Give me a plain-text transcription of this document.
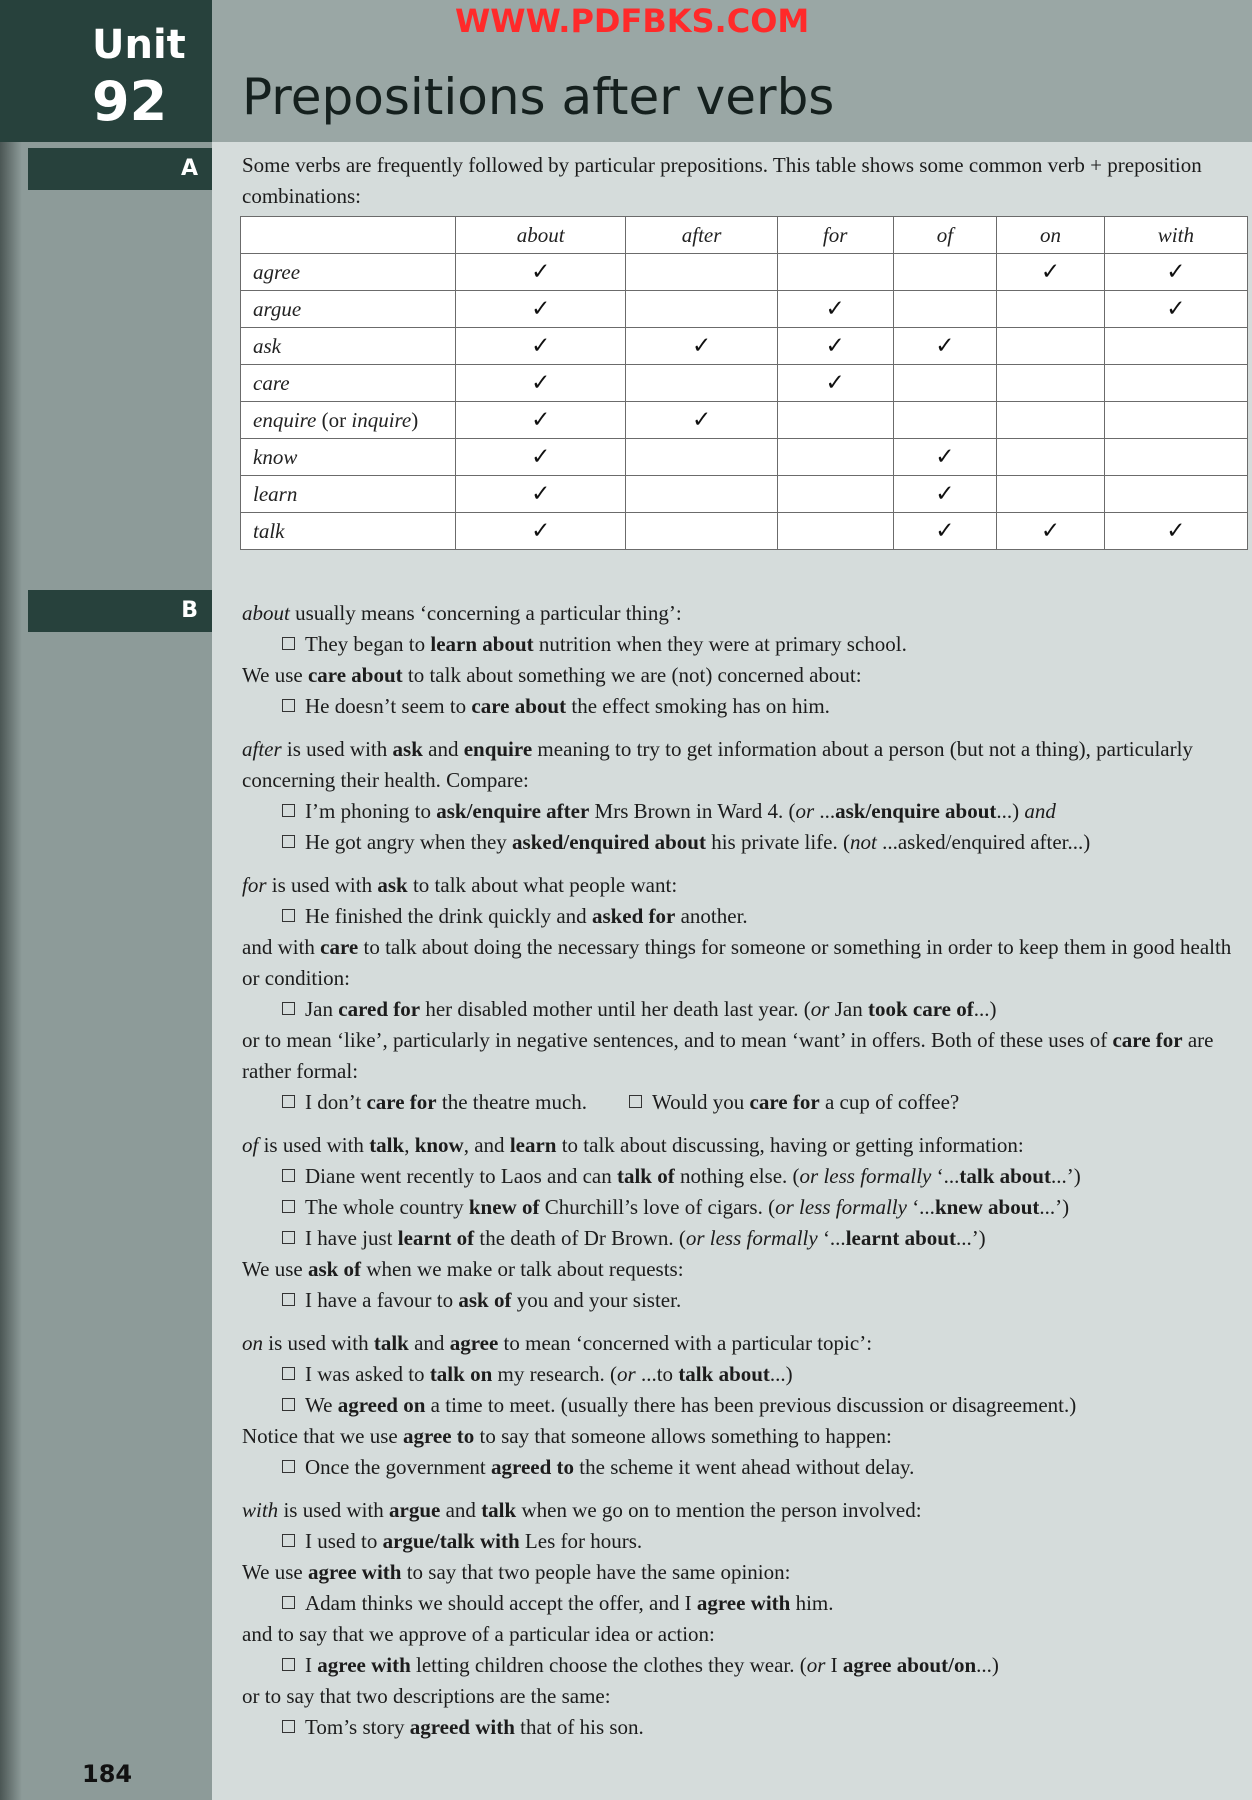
Unit
92
WWW.PDFBKS.COM
Prepositions after verbs
A
B
Some verbs are frequently followed by particular prepositions. This table shows some common verb + preposition combinations:
	about	after	for	of	on	with
agree	✓				✓	✓
argue	✓		✓			✓
ask	✓	✓	✓	✓		
care	✓		✓			
enquire (or inquire)	✓	✓				
know	✓			✓		
learn	✓			✓		
talk	✓			✓	✓	✓

about usually means ‘concerning a particular thing’:

They began to learn about nutrition when they were at primary school.

We use care about to talk about something we are (not) concerned about:

He doesn’t seem to care about the effect smoking has on him.

after is used with ask and enquire meaning to try to get information about a person (but not a thing), particularly concerning their health. Compare:

I’m phoning to ask/enquire after Mrs Brown in Ward 4. (or ...ask/enquire about...) and

He got angry when they asked/enquired about his private life. (not ...asked/enquired after...)

for is used with ask to talk about what people want:

He finished the drink quickly and asked for another.

and with care to talk about doing the necessary things for someone or something in order to keep them in good health or condition:

Jan cared for her disabled mother until her death last year. (or Jan took care of...)

or to mean ‘like’, particularly in negative sentences, and to mean ‘want’ in offers. Both of these uses of care for are rather formal:

I don’t care for the theatre much.        Would you care for a cup of coffee?

of is used with talk, know, and learn to talk about discussing, having or getting information:

Diane went recently to Laos and can talk of nothing else. (or less formally ‘...talk about...’)

The whole country knew of Churchill’s love of cigars. (or less formally ‘...knew about...’)

I have just learnt of the death of Dr Brown. (or less formally ‘...learnt about...’)

We use ask of when we make or talk about requests:

I have a favour to ask of you and your sister.

on is used with talk and agree to mean ‘concerned with a particular topic’:

I was asked to talk on my research. (or ...to talk about...)

We agreed on a time to meet. (usually there has been previous discussion or disagreement.)

Notice that we use agree to to say that someone allows something to happen:

Once the government agreed to the scheme it went ahead without delay.

with is used with argue and talk when we go on to mention the person involved:

I used to argue/talk with Les for hours.

We use agree with to say that two people have the same opinion:

Adam thinks we should accept the offer, and I agree with him.

and to say that we approve of a particular idea or action:

I agree with letting children choose the clothes they wear. (or I agree about/on...)

or to say that two descriptions are the same:

Tom’s story agreed with that of his son.

184
